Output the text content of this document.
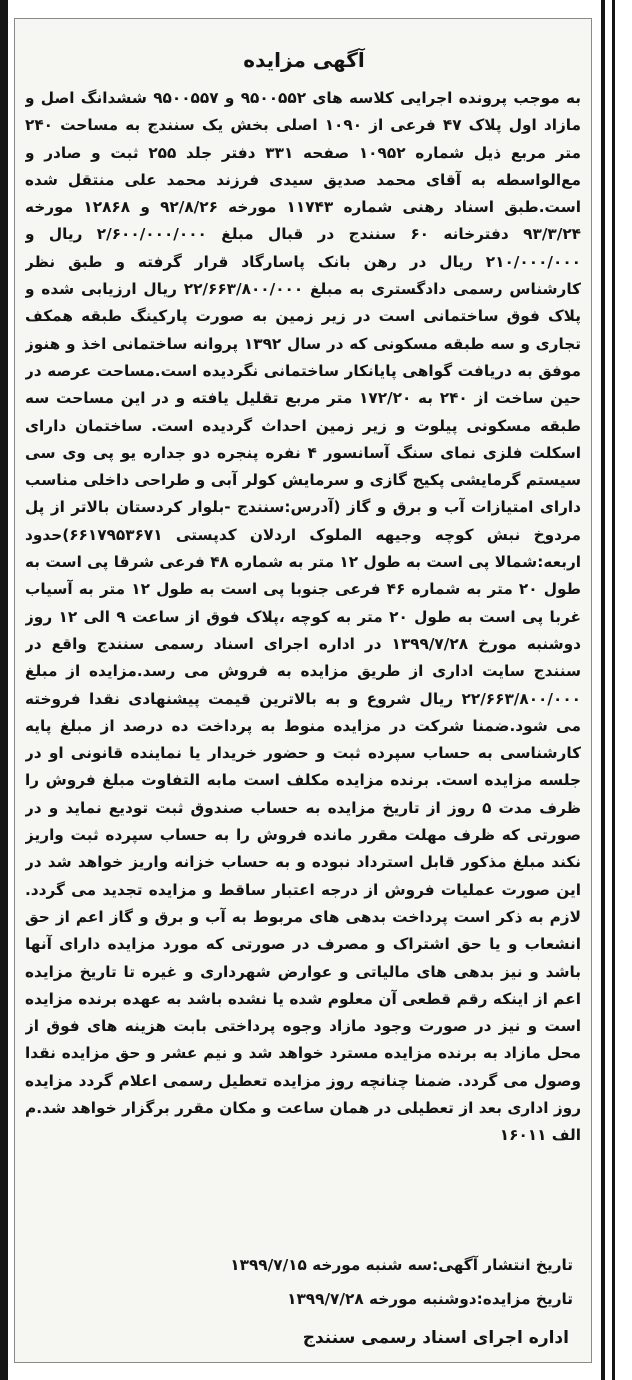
آگهی مزایده
به موجب پرونده اجرایی کلاسه های ۹۵۰۰۵۵۲ و ۹۵۰۰۵۵۷ ششدانگ اصل و مازاد اول پلاک ۴۷ فرعی از ۱۰۹۰ اصلی بخش یک سنندج به مساحت ۲۴۰ متر مربع ذیل شماره ۱۰۹۵۲ صفحه ۳۳۱ دفتر جلد ۲۵۵ ثبت و صادر و مع‌الواسطه به آقای محمد صدیق سیدی فرزند محمد علی منتقل شده است.طبق اسناد رهنی شماره ۱۱۷۴۳ مورخه ۹۲/۸/۲۶ و ۱۲۸۶۸ مورخه ۹۳/۳/۲۴ دفترخانه ۶۰ سنندج در قبال مبلغ ۲/۶۰۰/۰۰۰/۰۰۰ ریال و ۲۱۰/۰۰۰/۰۰۰ ریال در رهن بانک پاسارگاد قرار گرفته و طبق نظر کارشناس رسمی دادگستری به مبلغ ۲۲/۶۶۳/۸۰۰/۰۰۰ ریال ارزیابی شده و پلاک فوق ساختمانی است در زیر زمین به صورت پارکینگ طبقه همکف تجاری و سه طبقه مسکونی که در سال ۱۳۹۲ پروانه ساختمانی اخذ و هنوز موفق به دریافت گواهی پایانکار ساختمانی نگردیده است.مساحت عرصه در حین ساخت از ۲۴۰ به ۱۷۲/۲۰ متر مربع تقلیل یافته و در این مساحت سه طبقه مسکونی پیلوت و زیر زمین احداث گردیده است. ساختمان دارای اسکلت فلزی نمای سنگ آسانسور ۴ نفره پنجره دو جداره یو پی وی سی سیستم گرمایشی پکیج گازی و سرمایش کولر آبی و طراحی داخلی مناسب دارای امتیازات آب و برق و گاز (آدرس:سنندج -بلوار کردستان بالاتر از پل مردوخ نبش کوچه وجیهه الملوک اردلان کدپستی ۶۶۱۷۹۵۳۶۷۱)حدود اربعه:شمالا پی است به طول ۱۲ متر به شماره ۴۸ فرعی شرقا پی است به طول ۲۰ متر به شماره ۴۶ فرعی جنوبا پی است به طول ۱۲ متر به آسیاب غربا پی است به طول ۲۰ متر به کوچه ،پلاک فوق از ساعت ۹ الی ۱۲ روز دوشنبه مورخ ۱۳۹۹/۷/۲۸ در اداره اجرای اسناد رسمی سنندج واقع در سنندج سایت اداری از طریق مزایده به فروش می رسد.مزایده از مبلغ ۲۲/۶۶۳/۸۰۰/۰۰۰ ریال شروع و به بالاترین قیمت پیشنهادی نقدا فروخته می شود.ضمنا شرکت در مزایده منوط به پرداخت ده درصد از مبلغ پایه کارشناسی به حساب سپرده ثبت و حضور خریدار یا نماینده قانونی او در جلسه مزایده است. برنده مزایده مکلف است مابه التفاوت مبلغ فروش را ظرف مدت ۵ روز از تاریخ مزایده به حساب صندوق ثبت تودیع نماید و در صورتی که ظرف مهلت مقرر مانده فروش را به حساب سپرده ثبت واریز نکند مبلغ مذکور قابل استرداد نبوده و به حساب خزانه واریز خواهد شد در این صورت عملیات فروش از درجه اعتبار ساقط و مزایده تجدید می گردد. لازم به ذکر است پرداخت بدهی های مربوط به آب و برق و گاز اعم از حق انشعاب و یا حق اشتراک و مصرف در صورتی که مورد مزایده دارای آنها باشد و نیز بدهی های مالیاتی و عوارض شهرداری و غیره تا تاریخ مزایده اعم از اینکه رقم قطعی آن معلوم شده یا نشده باشد به عهده برنده مزایده است و نیز در صورت وجود مازاد وجوه پرداختی بابت هزینه های فوق از محل مازاد به برنده مزایده مسترد خواهد شد و نیم عشر و حق مزایده نقدا وصول می گردد. ضمنا چنانچه روز مزایده تعطیل رسمی اعلام گردد مزایده روز اداری بعد از تعطیلی در همان ساعت و مکان مقرر برگزار خواهد شد.م الف ۱۶۰۱۱
تاریخ انتشار آگهی:سه شنبه مورخه ۱۳۹۹/۷/۱۵
تاریخ مزایده:دوشنبه مورخه ۱۳۹۹/۷/۲۸
اداره اجرای اسناد رسمی سنندج
